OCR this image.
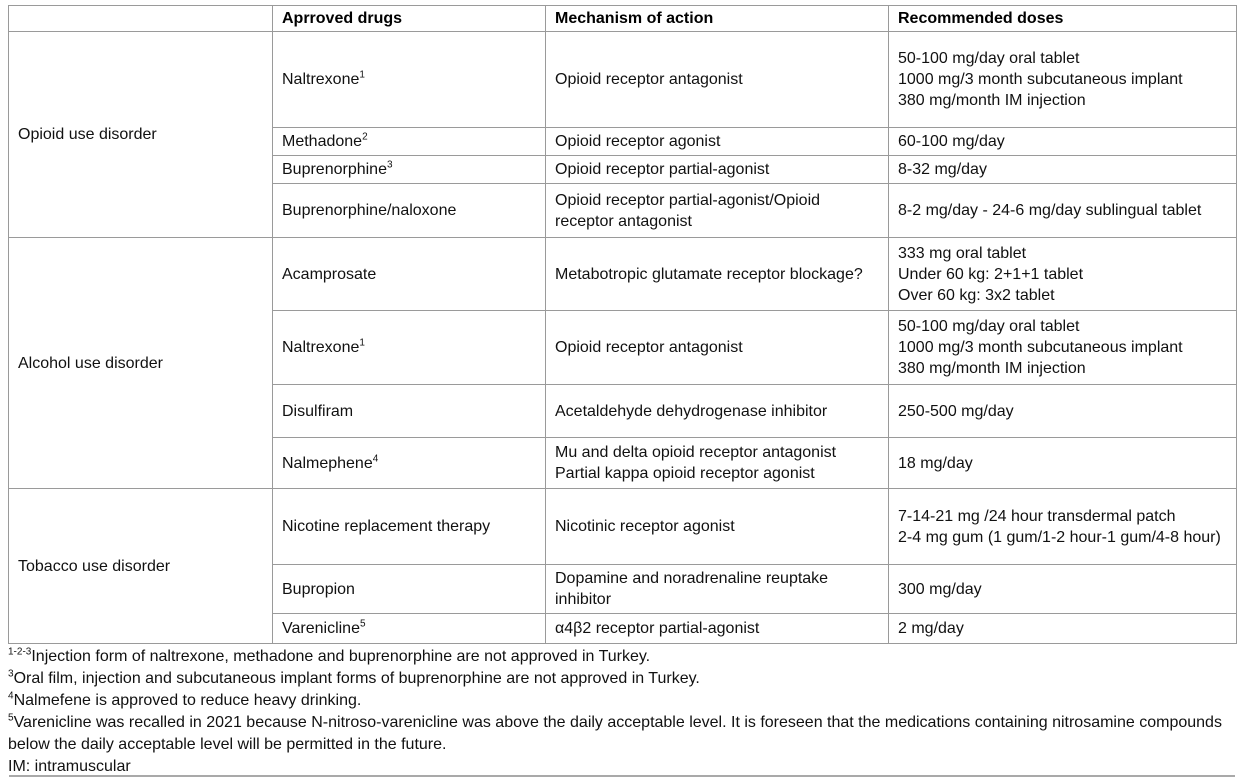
	Aprroved drugs	Mechanism of action	Recommended doses
Opioid use disorder	Naltrexone$^1$	Opioid receptor antagonist	50-100 mg/day oral tablet
1000 mg/3 month subcutaneous implant
380 mg/month IM injection

	Methadone$^2$	Opioid receptor agonist	60-100 mg/day

	Buprenorphine$^3$	Opioid receptor partial-agonist	8-32 mg/day

	Buprenorphine/naloxone	Opioid receptor partial-agonist/Opioid receptor antagonist	8-2 mg/day - 24-6 mg/day sublingual tablet

Alcohol use disorder	Acamprosate	Metabotropic glutamate receptor blockage?	333 mg oral tablet
Under 60 kg: 2+1+1 tablet
Over 60 kg: 3x2 tablet

	Naltrexone$^1$	Opioid receptor antagonist	50-100 mg/day oral tablet
1000 mg/3 month subcutaneous implant
380 mg/month IM injection

	Disulfiram	Acetaldehyde dehydrogenase inhibitor	250-500 mg/day

	Nalmephene$^4$	Mu and delta opioid receptor antagonist
Partial kappa opioid receptor agonist	18 mg/day

Tobacco use disorder	Nicotine replacement therapy	Nicotinic receptor agonist	7-14-21 mg /24 hour transdermal patch
2-4 mg gum (1 gum/1-2 hour-1 gum/4-8 hour)

	Bupropion	Dopamine and noradrenaline reuptake inhibitor	300 mg/day

	Varenicline$^5$	α4β2 receptor partial-agonist	2 mg/day
$^{1-2-3}$Injection form of naltrexone, methadone and buprenorphine are not approved in Turkey.
$^3$Oral film, injection and subcutaneous implant forms of buprenorphine are not approved in Turkey.
$^4$Nalmefene is approved to reduce heavy drinking.
$^5$Varenicline was recalled in 2021 because N-nitroso-varenicline was above the daily acceptable level. It is foreseen that the medications containing nitrosamine compounds below the daily acceptable level will be permitted in the future.
IM: intramuscular
